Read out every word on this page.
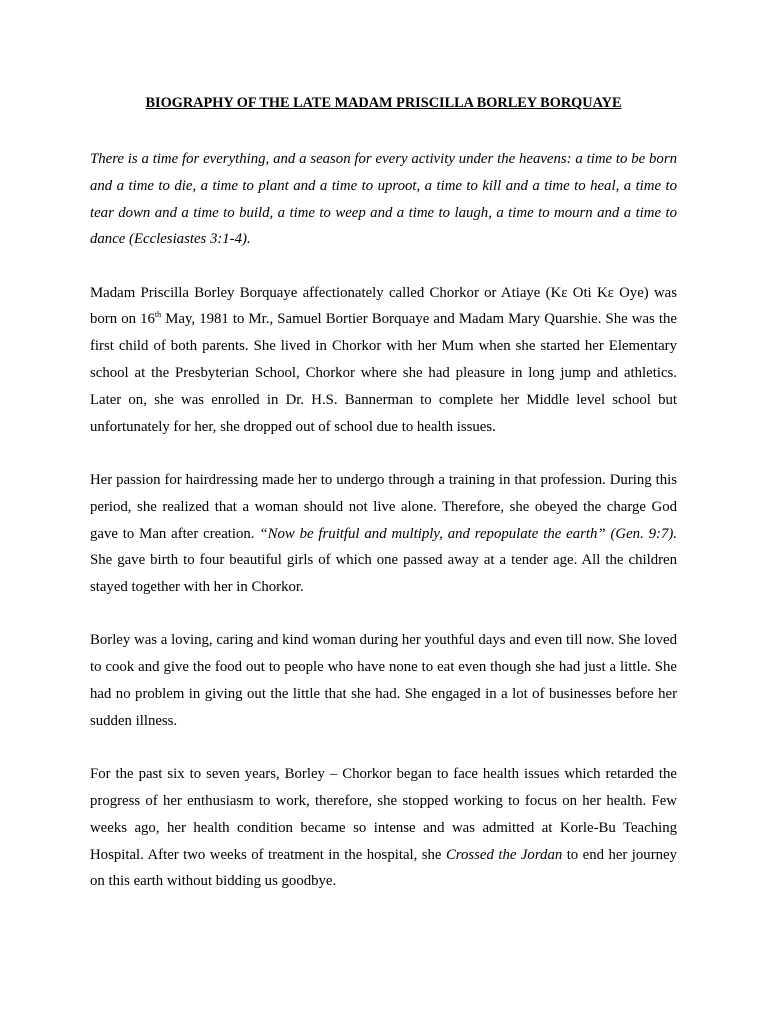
BIOGRAPHY OF THE LATE MADAM PRISCILLA BORLEY BORQUAYE

There is a time for everything, and a season for every activity under the heavens: a time to be born and a time to die, a time to plant and a time to uproot, a time to kill and a time to heal, a time to tear down and a time to build, a time to weep and a time to laugh, a time to mourn and a time to dance (Ecclesiastes 3:1-4).

Madam Priscilla Borley Borquaye affectionately called Chorkor or Atiaye (Kɛ Oti Kɛ Oye) was born on 16th May, 1981 to Mr., Samuel Bortier Borquaye and Madam Mary Quarshie. She was the first child of both parents. She lived in Chorkor with her Mum when she started her Elementary school at the Presbyterian School, Chorkor where she had pleasure in long jump and athletics. Later on, she was enrolled in Dr. H.S. Bannerman to complete her Middle level school but unfortunately for her, she dropped out of school due to health issues.

Her passion for hairdressing made her to undergo through a training in that profession. During this period, she realized that a woman should not live alone. Therefore, she obeyed the charge God gave to Man after creation. “Now be fruitful and multiply, and repopulate the earth” (Gen. 9:7). She gave birth to four beautiful girls of which one passed away at a tender age. All the children stayed together with her in Chorkor.

Borley was a loving, caring and kind woman during her youthful days and even till now. She loved to cook and give the food out to people who have none to eat even though she had just a little. She had no problem in giving out the little that she had. She engaged in a lot of businesses before her sudden illness.

For the past six to seven years, Borley – Chorkor began to face health issues which retarded the progress of her enthusiasm to work, therefore, she stopped working to focus on her health. Few weeks ago, her health condition became so intense and was admitted at Korle-Bu Teaching Hospital. After two weeks of treatment in the hospital, she Crossed the Jordan to end her journey on this earth without bidding us goodbye.
